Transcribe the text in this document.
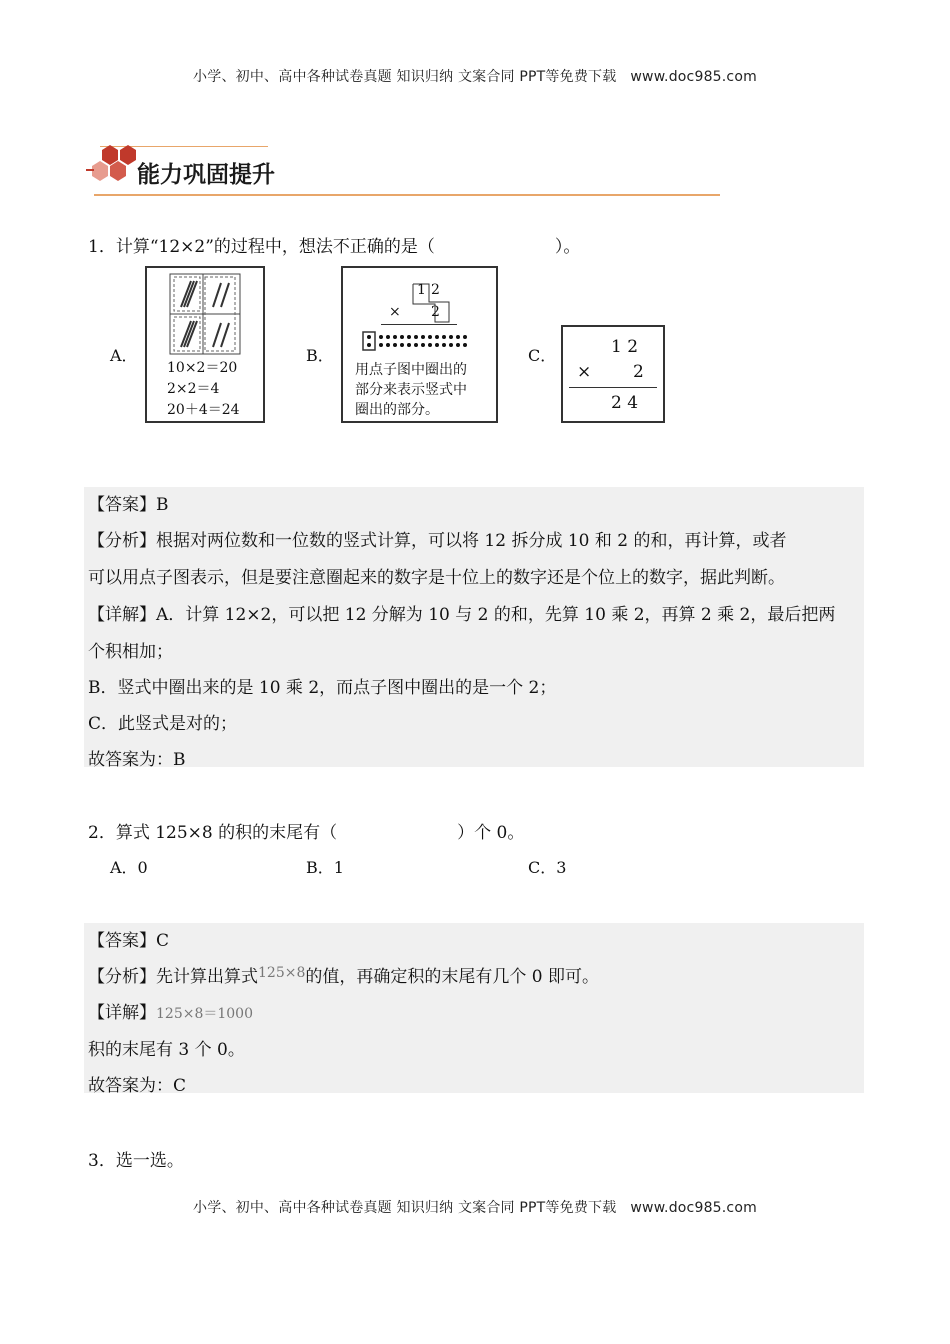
小学、初中、高中各种试卷真题 知识归纳 文案合同 PPT等免费下载 www.doc985.com
能力巩固提升
1．计算“12×2”的过程中，想法不正确的是（	）。
A．
10×2＝20
2×2＝4
20＋4＝24
B．
1 2
× 2
用点子图中圈出的
部分来表示竖式中
圈出的部分。
C．	1 2
× 2
2 4
【答案】B
【分析】根据对两位数和一位数的竖式计算，可以将 12 拆分成 10 和 2 的和，再计算，或者
可以用点子图表示，但是要注意圈起来的数字是十位上的数字还是个位上的数字，据此判断。
【详解】A．计算 12×2，可以把 12 分解为 10 与 2 的和，先算 10 乘 2，再算 2 乘 2，最后把两
个积相加；
B．竖式中圈出来的是 10 乘 2，而点子图中圈出的是一个 2；
C．此竖式是对的；
故答案为：B
2．算式 125×8 的积的末尾有（	）个 0。
A．0	B．1	C．3
【答案】C
【分析】先计算出算式$^{125\times 8}$的值，再确定积的末尾有几个 0 即可。
【详解】125×8＝1000
积的末尾有 3 个 0。
故答案为：C
3．选一选。
小学、初中、高中各种试卷真题 知识归纳 文案合同 PPT等免费下载 www.doc985.com
